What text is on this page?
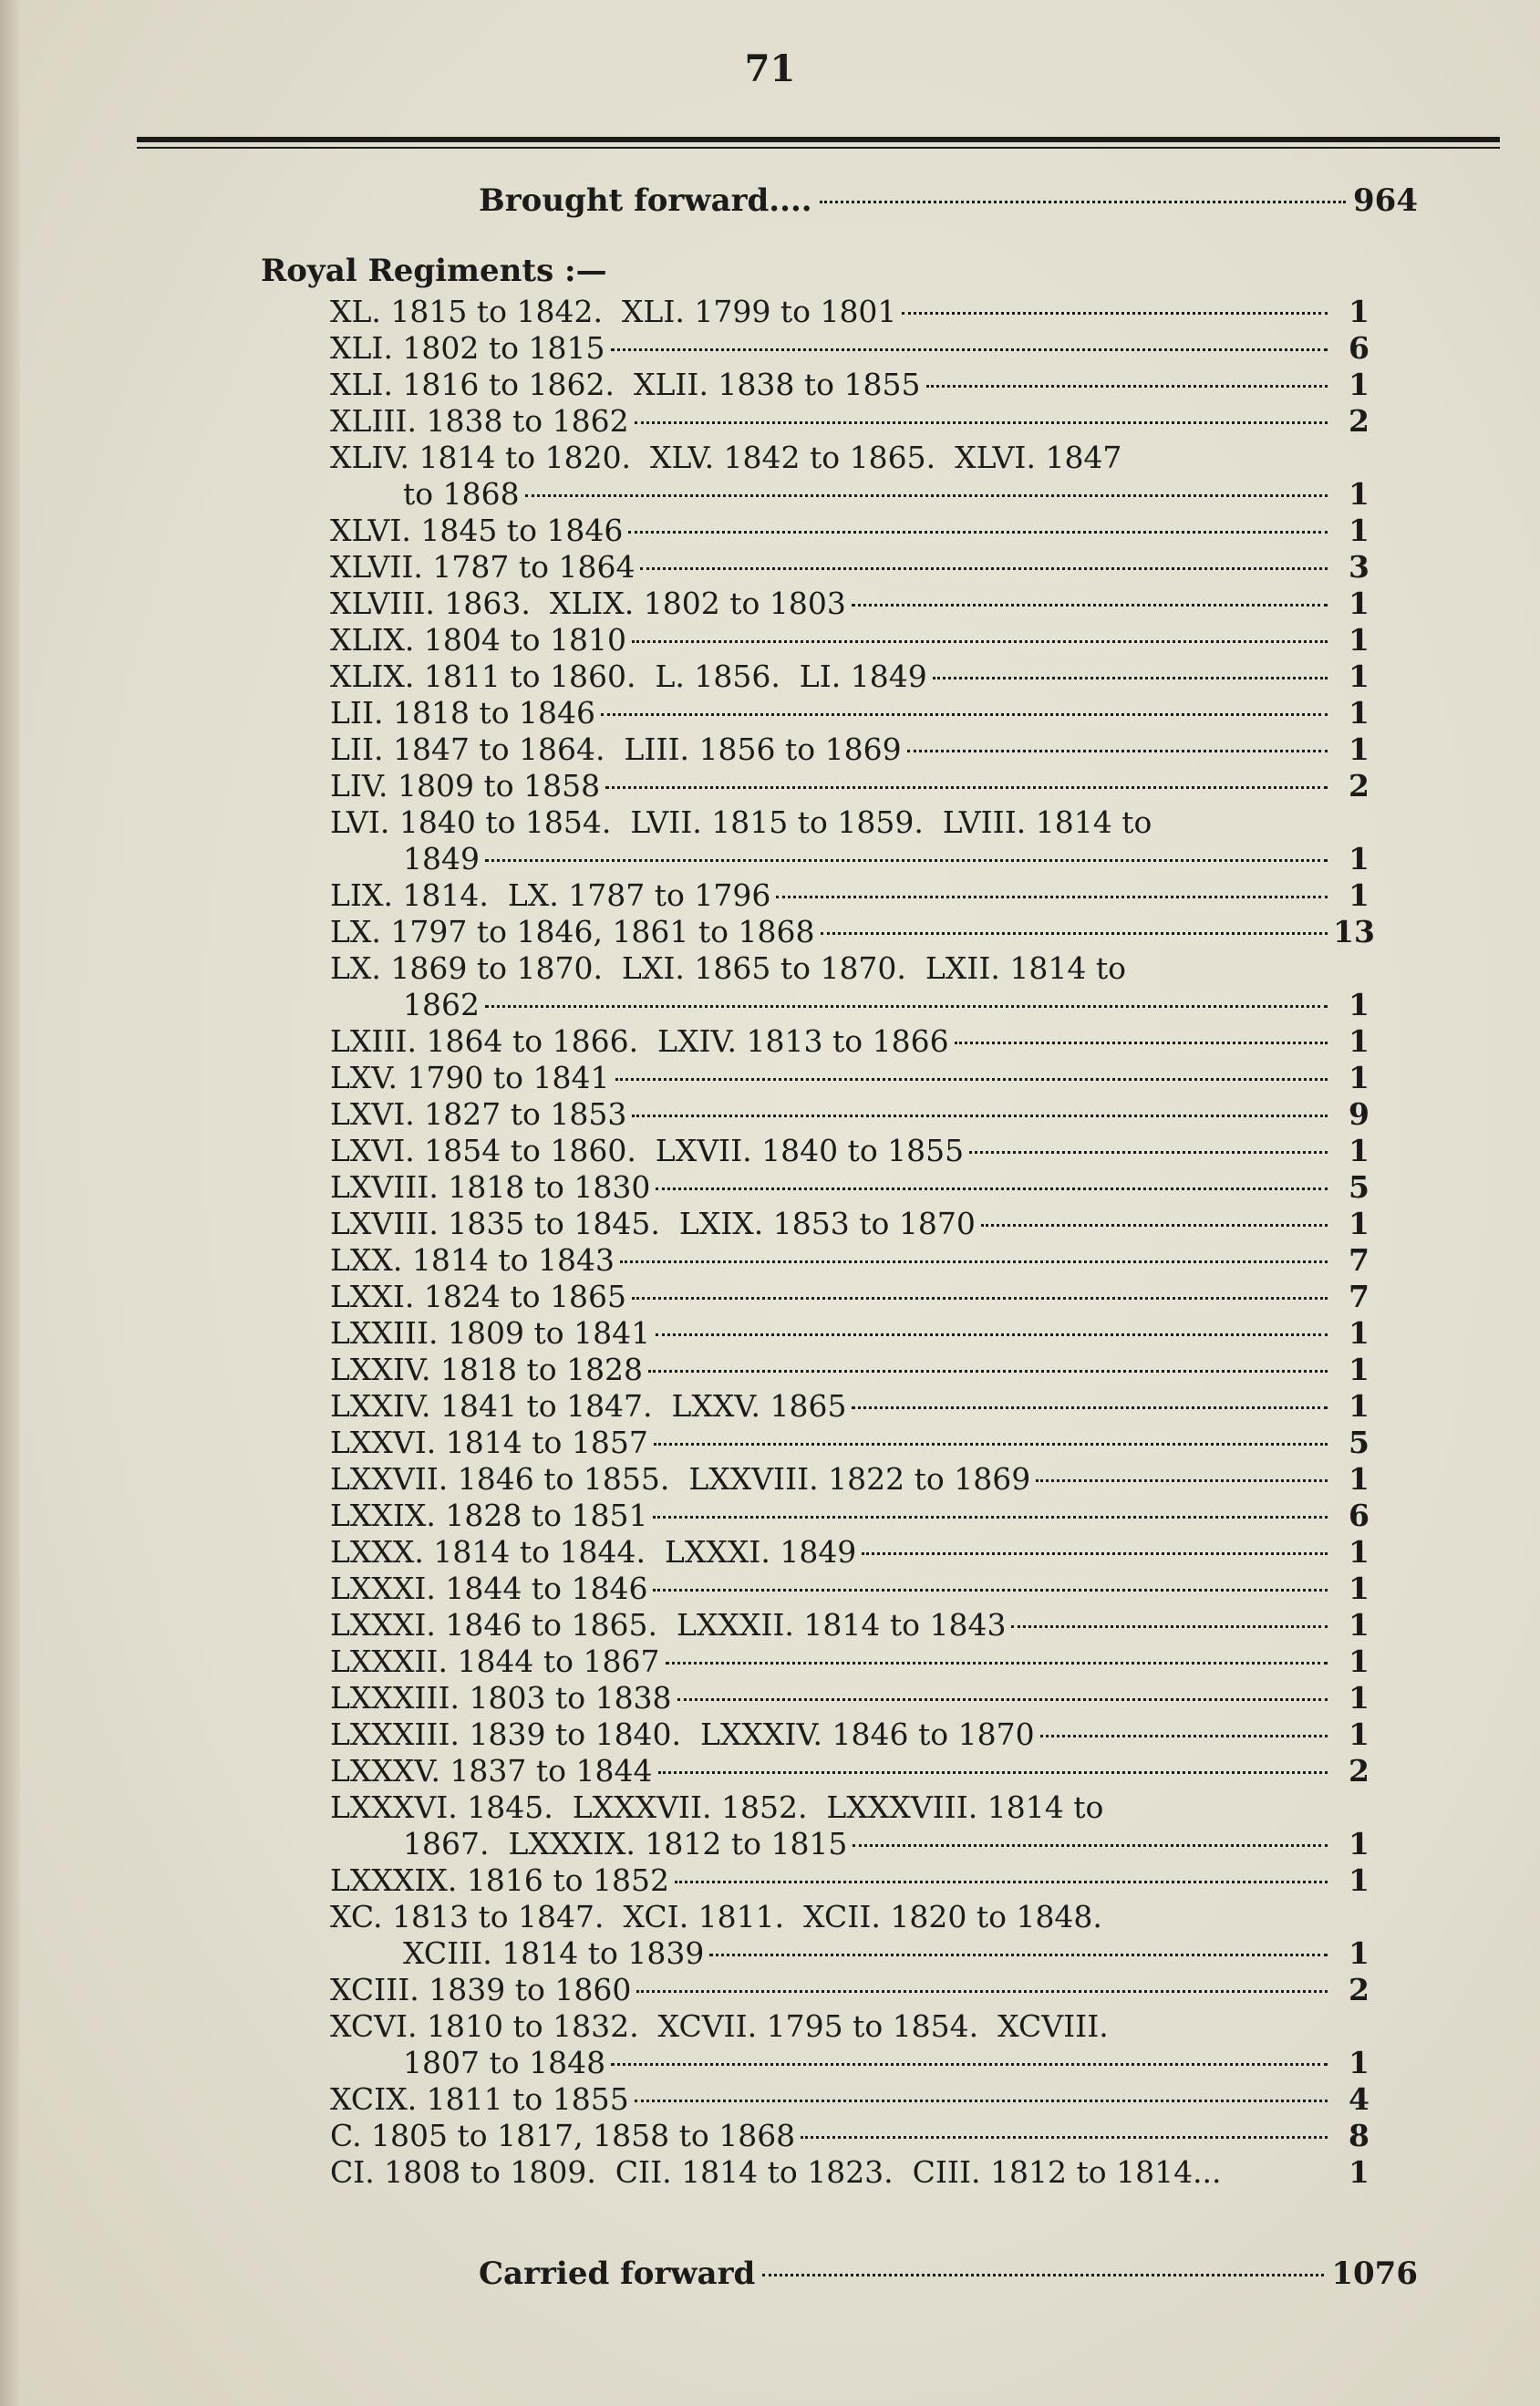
71
Brought forward....	964
Royal Regiments :—
XL. 1815 to 1842.  XLI. 1799 to 1801	1
XLI. 1802 to 1815	6
XLI. 1816 to 1862.  XLII. 1838 to 1855	1
XLIII. 1838 to 1862	2
XLIV. 1814 to 1820.  XLV. 1842 to 1865.  XLVI. 1847
to 1868	1
XLVI. 1845 to 1846	1
XLVII. 1787 to 1864	3
XLVIII. 1863.  XLIX. 1802 to 1803	1
XLIX. 1804 to 1810	1
XLIX. 1811 to 1860.  L. 1856.  LI. 1849	1
LII. 1818 to 1846	1
LII. 1847 to 1864.  LIII. 1856 to 1869	1
LIV. 1809 to 1858	2
LVI. 1840 to 1854.  LVII. 1815 to 1859.  LVIII. 1814 to
1849	1
LIX. 1814.  LX. 1787 to 1796	1
LX. 1797 to 1846, 1861 to 1868	13
LX. 1869 to 1870.  LXI. 1865 to 1870.  LXII. 1814 to
1862	1
LXIII. 1864 to 1866.  LXIV. 1813 to 1866	1
LXV. 1790 to 1841	1
LXVI. 1827 to 1853	9
LXVI. 1854 to 1860.  LXVII. 1840 to 1855	1
LXVIII. 1818 to 1830	5
LXVIII. 1835 to 1845.  LXIX. 1853 to 1870	1
LXX. 1814 to 1843	7
LXXI. 1824 to 1865	7
LXXIII. 1809 to 1841	1
LXXIV. 1818 to 1828	1
LXXIV. 1841 to 1847.  LXXV. 1865	1
LXXVI. 1814 to 1857	5
LXXVII. 1846 to 1855.  LXXVIII. 1822 to 1869	1
LXXIX. 1828 to 1851	6
LXXX. 1814 to 1844.  LXXXI. 1849	1
LXXXI. 1844 to 1846	1
LXXXI. 1846 to 1865.  LXXXII. 1814 to 1843	1
LXXXII. 1844 to 1867	1
LXXXIII. 1803 to 1838	1
LXXXIII. 1839 to 1840.  LXXXIV. 1846 to 1870	1
LXXXV. 1837 to 1844	2
LXXXVI. 1845.  LXXXVII. 1852.  LXXXVIII. 1814 to
1867.  LXXXIX. 1812 to 1815	1
LXXXIX. 1816 to 1852	1
XC. 1813 to 1847.  XCI. 1811.  XCII. 1820 to 1848.
XCIII. 1814 to 1839	1
XCIII. 1839 to 1860	2
XCVI. 1810 to 1832.  XCVII. 1795 to 1854.  XCVIII.
1807 to 1848	1
XCIX. 1811 to 1855	4
C. 1805 to 1817, 1858 to 1868	8
CI. 1808 to 1809.  CII. 1814 to 1823.  CIII. 1812 to 1814...	1
Carried forward	1076
